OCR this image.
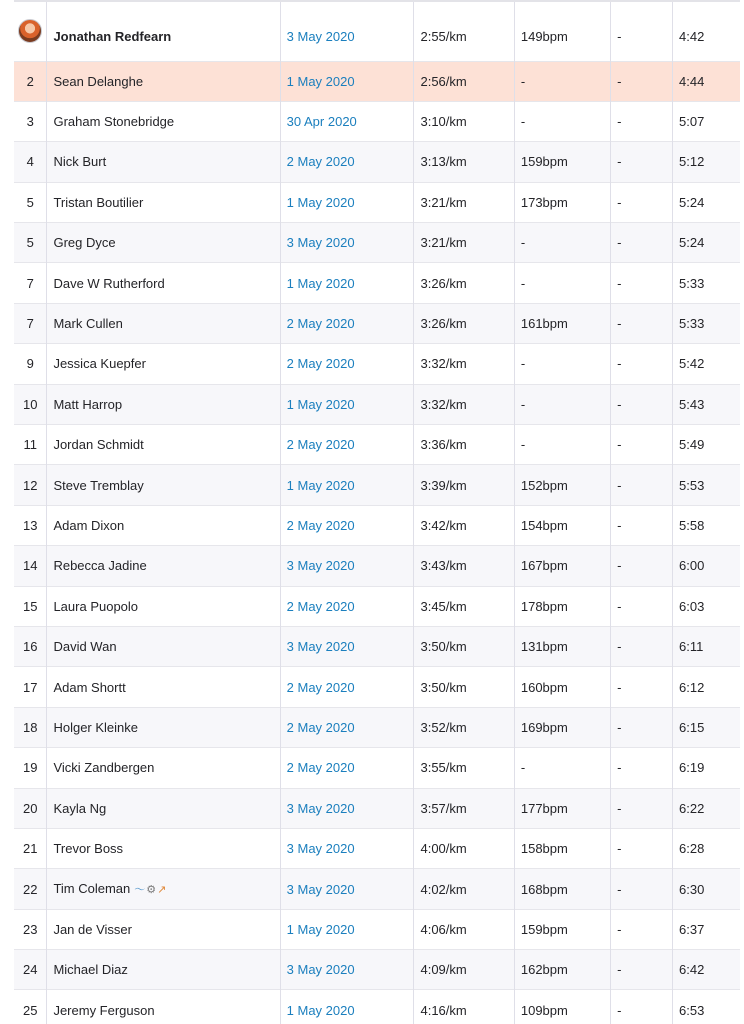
	Jonathan Redfearn	3 May 2020	2:55/km	149bpm	-	4:42
2	Sean Delanghe	1 May 2020	2:56/km	-	-	4:44
3	Graham Stonebridge	30 Apr 2020	3:10/km	-	-	5:07
4	Nick Burt	2 May 2020	3:13/km	159bpm	-	5:12
5	Tristan Boutilier	1 May 2020	3:21/km	173bpm	-	5:24
5	Greg Dyce	3 May 2020	3:21/km	-	-	5:24
7	Dave W Rutherford	1 May 2020	3:26/km	-	-	5:33
7	Mark Cullen	2 May 2020	3:26/km	161bpm	-	5:33
9	Jessica Kuepfer	2 May 2020	3:32/km	-	-	5:42
10	Matt Harrop	1 May 2020	3:32/km	-	-	5:43
11	Jordan Schmidt	2 May 2020	3:36/km	-	-	5:49
12	Steve Tremblay	1 May 2020	3:39/km	152bpm	-	5:53
13	Adam Dixon	2 May 2020	3:42/km	154bpm	-	5:58
14	Rebecca Jadine	3 May 2020	3:43/km	167bpm	-	6:00
15	Laura Puopolo	2 May 2020	3:45/km	178bpm	-	6:03
16	David Wan	3 May 2020	3:50/km	131bpm	-	6:11
17	Adam Shortt	2 May 2020	3:50/km	160bpm	-	6:12
18	Holger Kleinke	2 May 2020	3:52/km	169bpm	-	6:15
19	Vicki Zandbergen	2 May 2020	3:55/km	-	-	6:19
20	Kayla Ng	3 May 2020	3:57/km	177bpm	-	6:22
21	Trevor Boss	3 May 2020	4:00/km	158bpm	-	6:28
22	Tim Coleman 〜⚙↗	3 May 2020	4:02/km	168bpm	-	6:30
23	Jan de Visser	1 May 2020	4:06/km	159bpm	-	6:37
24	Michael Diaz	3 May 2020	4:09/km	162bpm	-	6:42
25	Jeremy Ferguson	1 May 2020	4:16/km	109bpm	-	6:53
